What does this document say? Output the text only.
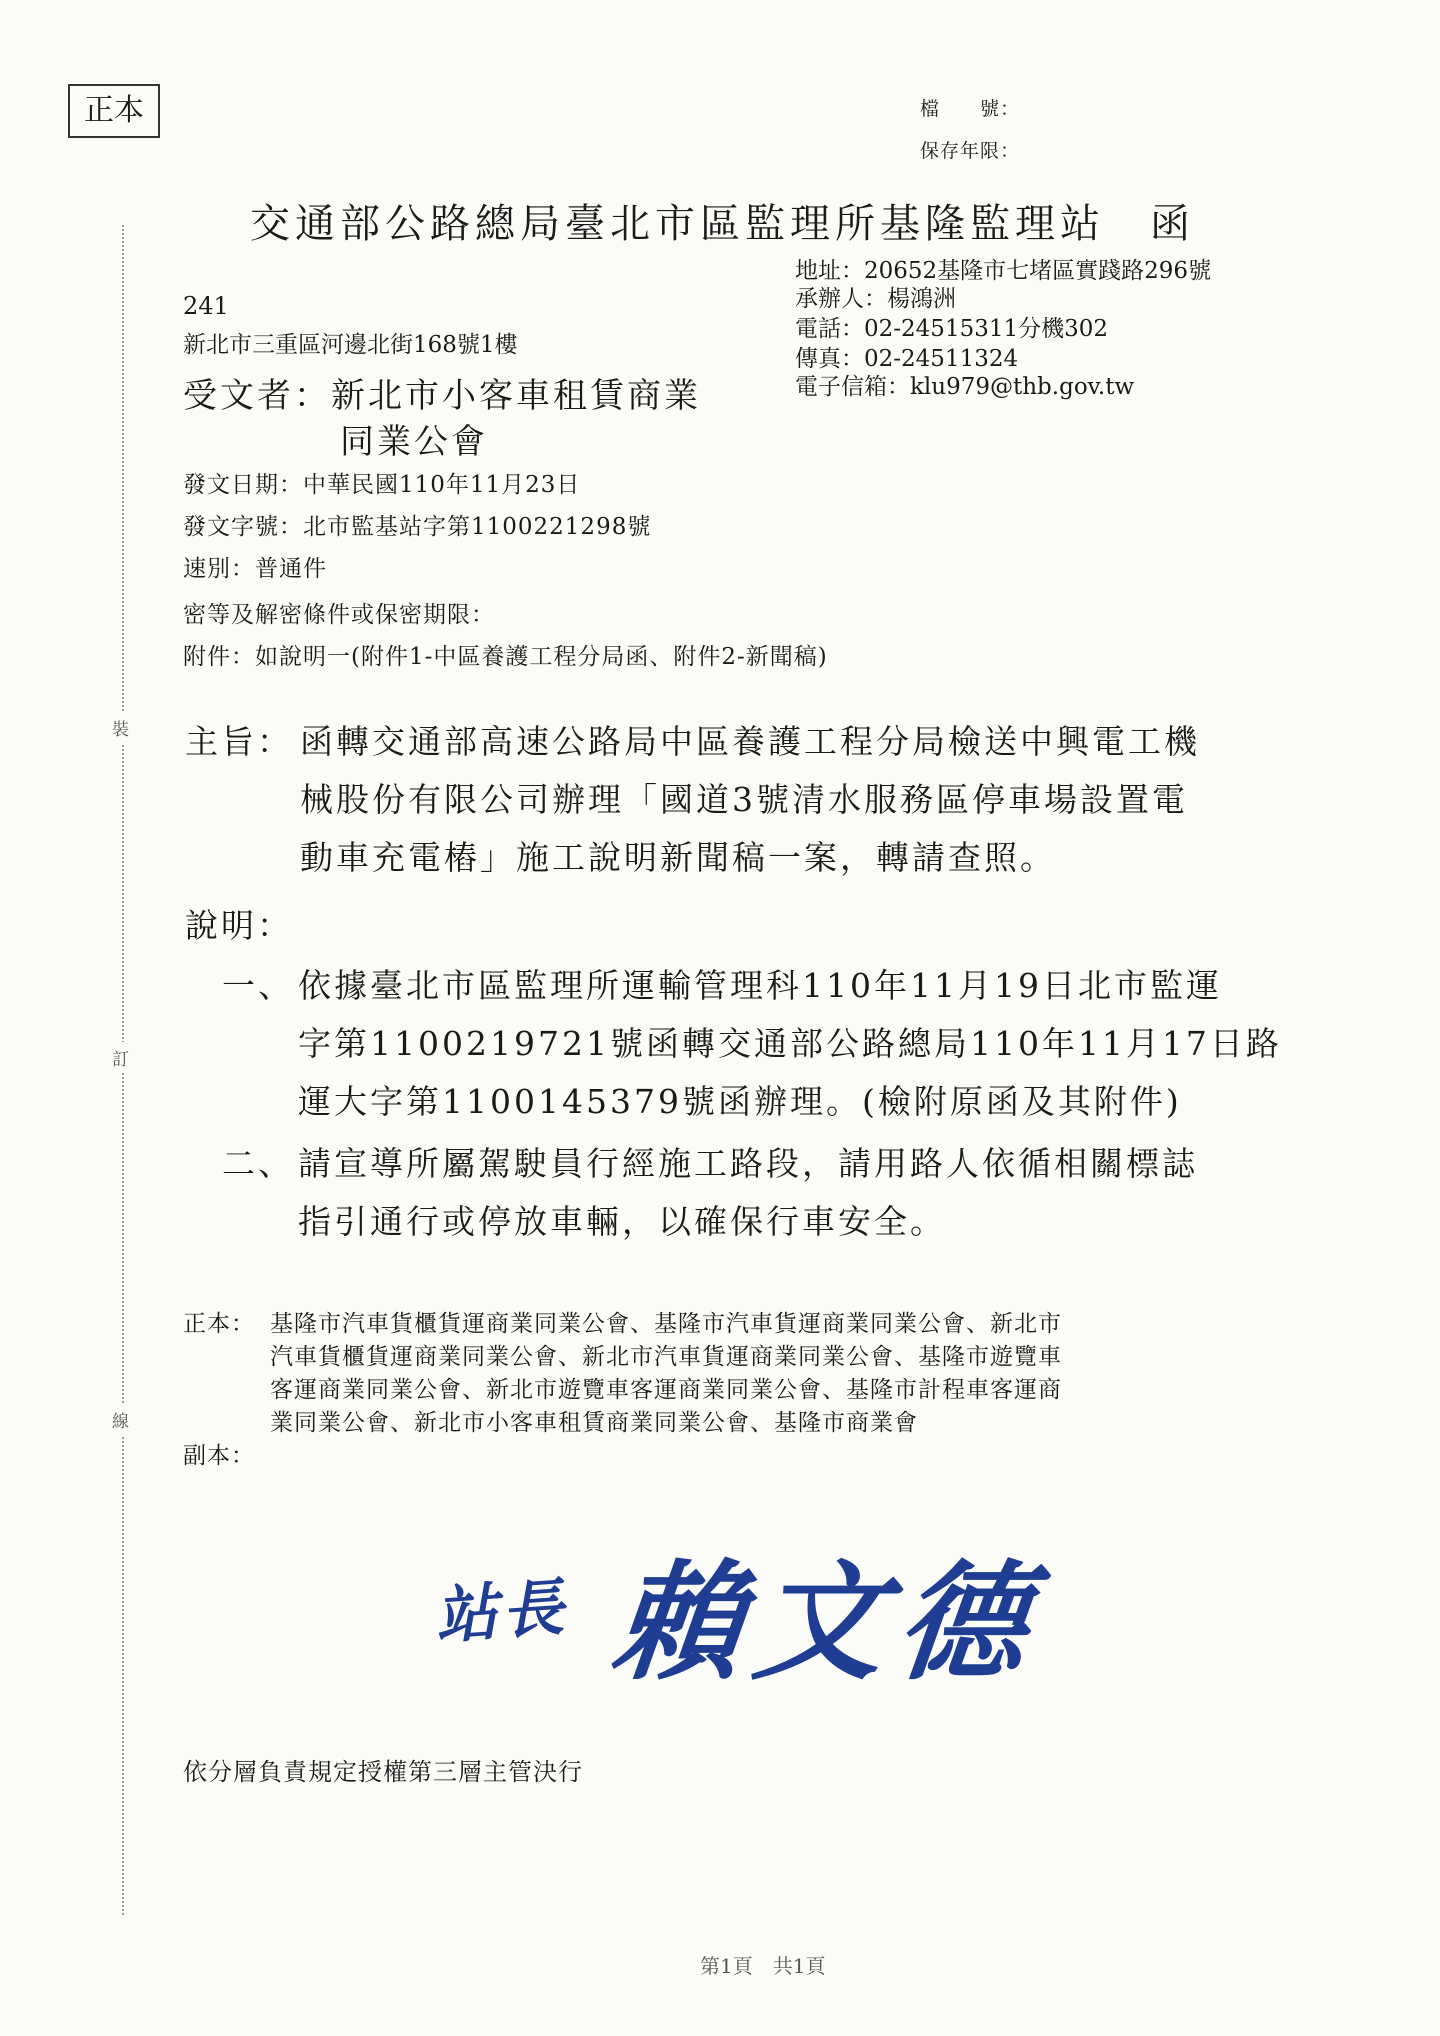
正本	檔　　號：
保存年限：
交通部公路總局臺北市區監理所基隆監理站　函
地址：20652基隆市七堵區實踐路296號
承辦人：楊鴻洲
電話：02-24515311分機302
傳真：02-24511324
電子信箱：klu979@thb.gov.tw
241
新北市三重區河邊北街168號1樓
受文者：新北市小客車租賃商業
同業公會
發文日期：中華民國110年11月23日
發文字號：北市監基站字第1100221298號
速別：普通件
密等及解密條件或保密期限：
附件：如說明一(附件1-中區養護工程分局函、附件2-新聞稿)
主旨： 函轉交通部高速公路局中區養護工程分局檢送中興電工機
械股份有限公司辦理「國道3號清水服務區停車場設置電
動車充電樁」施工說明新聞稿一案，轉請查照。
說明：
一、 依據臺北市區監理所運輸管理科110年11月19日北市監運
字第1100219721號函轉交通部公路總局110年11月17日路
運大字第1100145379號函辦理。(檢附原函及其附件)
二、 請宣導所屬駕駛員行經施工路段，請用路人依循相關標誌
指引通行或停放車輛，以確保行車安全。
正本： 基隆市汽車貨櫃貨運商業同業公會、基隆市汽車貨運商業同業公會、新北市
汽車貨櫃貨運商業同業公會、新北市汽車貨運商業同業公會、基隆市遊覽車
客運商業同業公會、新北市遊覽車客運商業同業公會、基隆市計程車客運商
業同業公會、新北市小客車租賃商業同業公會、基隆市商業會
副本：
裝
訂
線
站長 賴文德
依分層負責規定授權第三層主管決行
第1頁　共1頁
